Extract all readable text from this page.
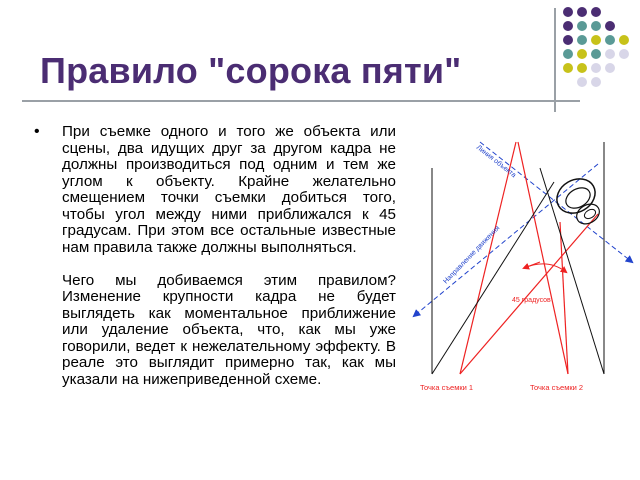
Правило "сорока пяти"
• При съемке одного и того же объекта или сцены, два идущих друг за другом кадра не должны производиться под одним и тем же углом к объекту. Крайне желательно смещением точки съемки добиться того, чтобы угол между ними приближался к 45 градусам. При этом все остальные известные нам правила также должны выполняться.

Чего мы добиваемся этим правилом? Изменение крупности кадра не будет выглядеть как моментальное приближение или удаление объекта, что, как мы уже говорили, ведет к нежелательному эффекту. В реале это выглядит примерно так, как мы указали на нижеприведенной схеме.

Линия объекта
Направление движения
45 градусов
Точка съемки 1	Точка съемки 2
